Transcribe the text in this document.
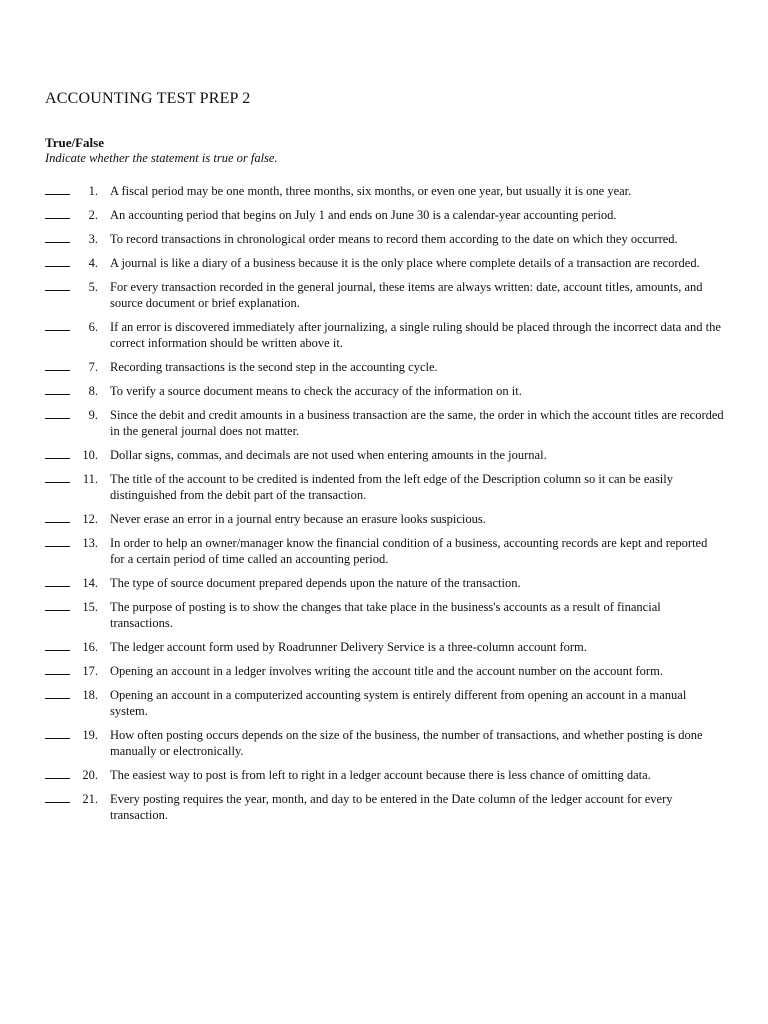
ACCOUNTING TEST PREP 2
True/False
Indicate whether the statement is true or false.
1. A fiscal period may be one month, three months, six months, or even one year, but usually it is one year.
2. An accounting period that begins on July 1 and ends on June 30 is a calendar-year accounting period.
3. To record transactions in chronological order means to record them according to the date on which they occurred.
4. A journal is like a diary of a business because it is the only place where complete details of a transaction are recorded.
5. For every transaction recorded in the general journal, these items are always written: date, account titles, amounts, and source document or brief explanation.
6. If an error is discovered immediately after journalizing, a single ruling should be placed through the incorrect data and the correct information should be written above it.
7. Recording transactions is the second step in the accounting cycle.
8. To verify a source document means to check the accuracy of the information on it.
9. Since the debit and credit amounts in a business transaction are the same, the order in which the account titles are recorded in the general journal does not matter.
10. Dollar signs, commas, and decimals are not used when entering amounts in the journal.
11. The title of the account to be credited is indented from the left edge of the Description column so it can be easily distinguished from the debit part of the transaction.
12. Never erase an error in a journal entry because an erasure looks suspicious.
13. In order to help an owner/manager know the financial condition of a business, accounting records are kept and reported for a certain period of time called an accounting period.
14. The type of source document prepared depends upon the nature of the transaction.
15. The purpose of posting is to show the changes that take place in the business's accounts as a result of financial transactions.
16. The ledger account form used by Roadrunner Delivery Service is a three-column account form.
17. Opening an account in a ledger involves writing the account title and the account number on the account form.
18. Opening an account in a computerized accounting system is entirely different from opening an account in a manual system.
19. How often posting occurs depends on the size of the business, the number of transactions, and whether posting is done manually or electronically.
20. The easiest way to post is from left to right in a ledger account because there is less chance of omitting data.
21. Every posting requires the year, month, and day to be entered in the Date column of the ledger account for every transaction.
